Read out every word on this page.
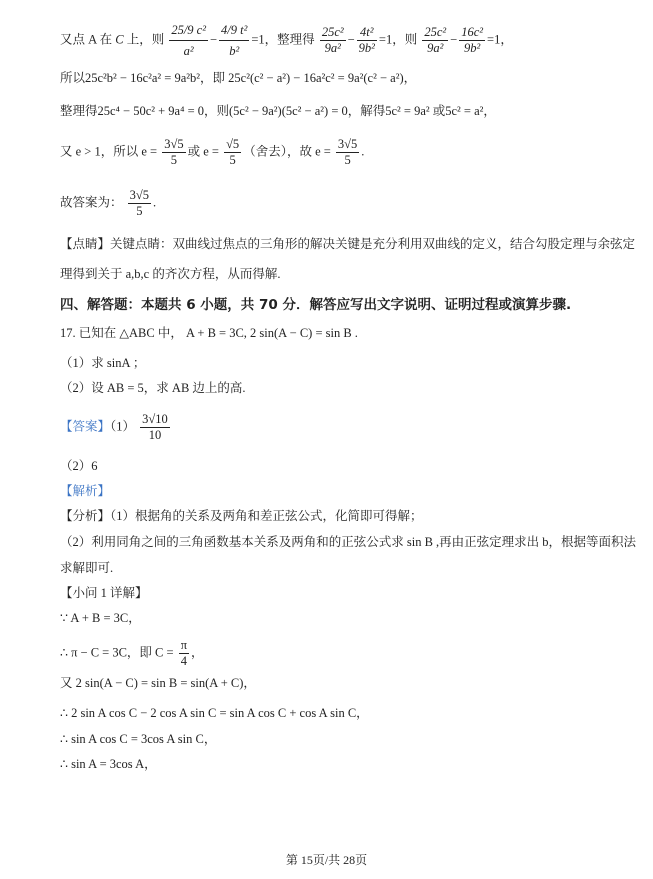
又点 A 在 C 上，则 $\frac{\text{25/9 c²}}{\text{a²}} - \frac{\text{4/9 t²}}{\text{b²}} =1$，整理得 $\frac{\text{25c²}}{\text{9a²}} - \frac{\text{4t²}}{\text{9b²}} =1$，则 $\frac{\text{25c²}}{\text{9a²}} - \frac{\text{16c²}}{\text{9b²}} =1$，
所以25c²b² − 16c²a² = 9a²b²，即 25c²(c² − a²) − 16a²c² = 9a²(c² − a²)，
整理得25c⁴ − 50c² + 9a⁴ = 0，则(5c² − 9a²)(5c² − a²) = 0，解得5c² = 9a² 或5c² = a²，
又 e > 1，所以 $e = \frac{3√5}{5}$ 或 $e = \frac{√5}{5}$ （舍去），故 $e = \frac{3√5}{5}$ .
故答案为： $\frac{3√5}{5}$ .
【点睛】关键点睛：双曲线过焦点的三角形的解决关键是充分利用双曲线的定义，结合勾股定理与余弦定
理得到关于 a,b,c 的齐次方程，从而得解.
四、解答题：本题共 6 小题，共 70 分．解答应写出文字说明、证明过程或演算步骤.
17. 已知在 △ABC 中， A + B = 3C, 2 sin(A − C) = sin B .
（1）求 sinA ；
（2）设 AB = 5，求 AB 边上的高.
【答案】$(1) \frac{3√10}{10}$
（2）6
【解析】
【分析】（1）根据角的关系及两角和差正弦公式，化简即可得解；
（2）利用同角之间的三角函数基本关系及两角和的正弦公式求 sin B ,再由正弦定理求出 b，根据等面积法
求解即可.
【小问 1 详解】
∵ A + B = 3C，
∴ π − C = 3C，即 $C = \frac{\pi}{4}$ ，
又 2 sin(A − C) = sin B = sin(A + C)，
∴ 2 sin A cos C − 2 cos A sin C = sin A cos C + cos A sin C，
∴ sin A cos C = 3cos A sin C，
∴ sin A = 3cos A，
第 15页/共 28页
